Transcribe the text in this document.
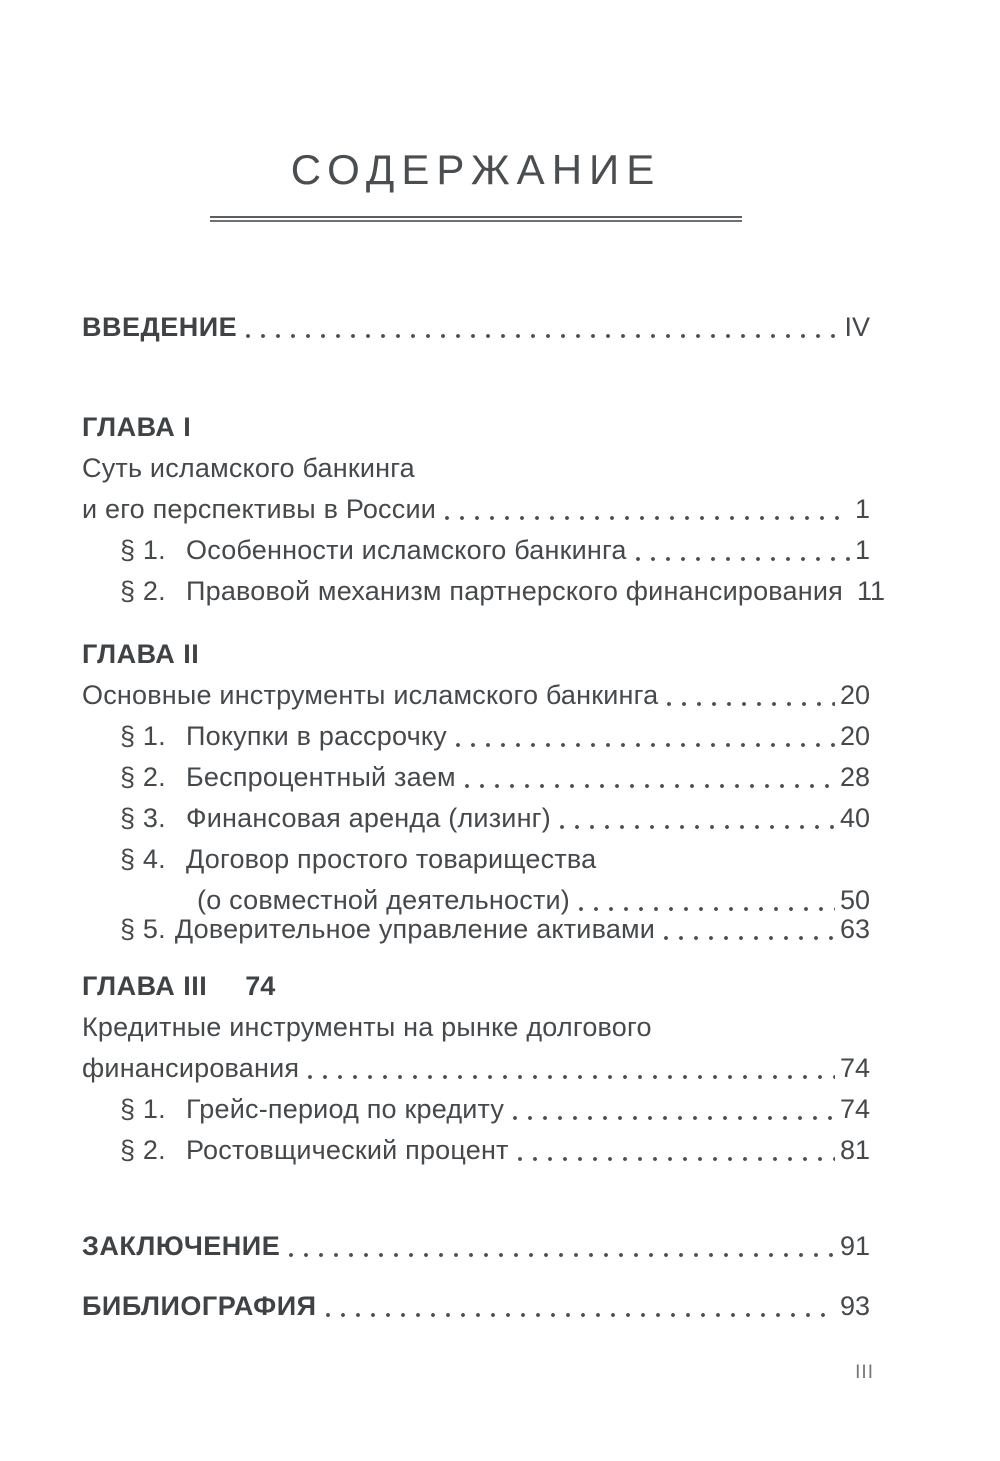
СОДЕРЖАНИЕ
ВВЕДЕНИЕ	IV
ГЛАВА I
Суть исламского банкинга
и его перспективы в России	1
§ 1. Особенности исламского банкинга	1
§ 2. Правовой механизм партнерского финансирования 11
ГЛАВА II
Основные инструменты исламского банкинга	20
§ 1. Покупки в рассрочку	20
§ 2. Беспроцентный заем	28
§ 3. Финансовая аренда (лизинг)	40
§ 4. Договор простого товарищества
(о совместной деятельности)	50
§ 5. Доверительное управление активами	63
ГЛАВА III 74
Кредитные инструменты на рынке долгового
финансирования	74
§ 1. Грейс-период по кредиту	74
§ 2. Ростовщический процент	81
ЗАКЛЮЧЕНИЕ	91
БИБЛИОГРАФИЯ	93
III
